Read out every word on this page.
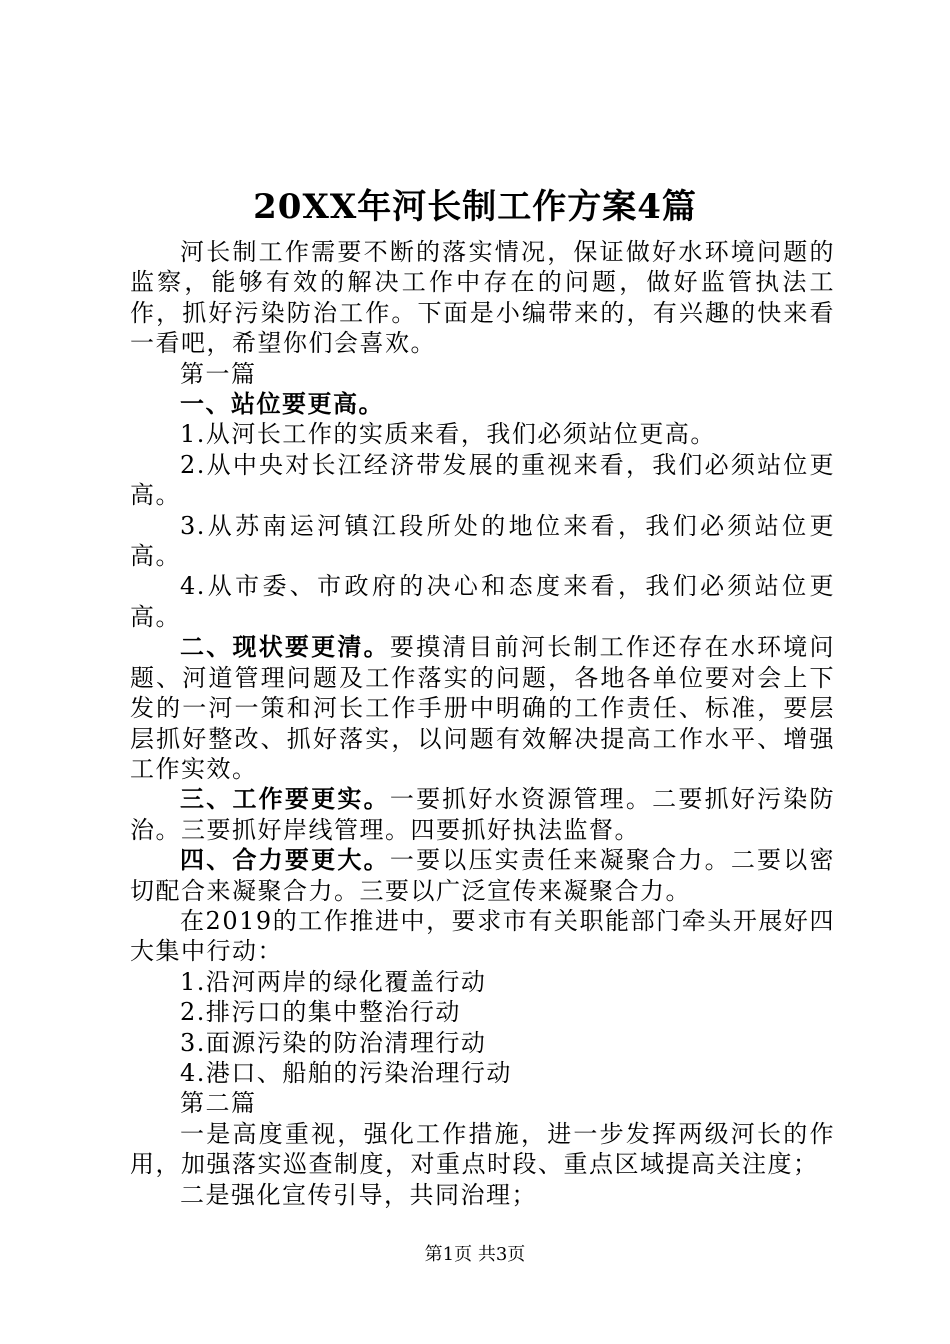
20XX年河长制工作方案4篇

河长制工作需要不断的落实情况，保证做好水环境问题的监察，能够有效的解决工作中存在的问题，做好监管执法工作，抓好污染防治工作。下面是小编带来的，有兴趣的快来看一看吧，希望你们会喜欢。

第一篇

一、站位要更高。

1.从河长工作的实质来看，我们必须站位更高。

2.从中央对长江经济带发展的重视来看，我们必须站位更高。

3.从苏南运河镇江段所处的地位来看，我们必须站位更高。

4.从市委、市政府的决心和态度来看，我们必须站位更高。

二、现状要更清。要摸清目前河长制工作还存在水环境问题、河道管理问题及工作落实的问题，各地各单位要对会上下发的一河一策和河长工作手册中明确的工作责任、标准，要层层抓好整改、抓好落实，以问题有效解决提高工作水平、增强工作实效。

三、工作要更实。一要抓好水资源管理。二要抓好污染防治。三要抓好岸线管理。四要抓好执法监督。

四、合力要更大。一要以压实责任来凝聚合力。二要以密切配合来凝聚合力。三要以广泛宣传来凝聚合力。

在2019的工作推进中，要求市有关职能部门牵头开展好四大集中行动：

1.沿河两岸的绿化覆盖行动

2.排污口的集中整治行动

3.面源污染的防治清理行动

4.港口、船舶的污染治理行动

第二篇

一是高度重视，强化工作措施，进一步发挥两级河长的作用，加强落实巡查制度，对重点时段、重点区域提高关注度；

二是强化宣传引导，共同治理；

第1页 共3页
